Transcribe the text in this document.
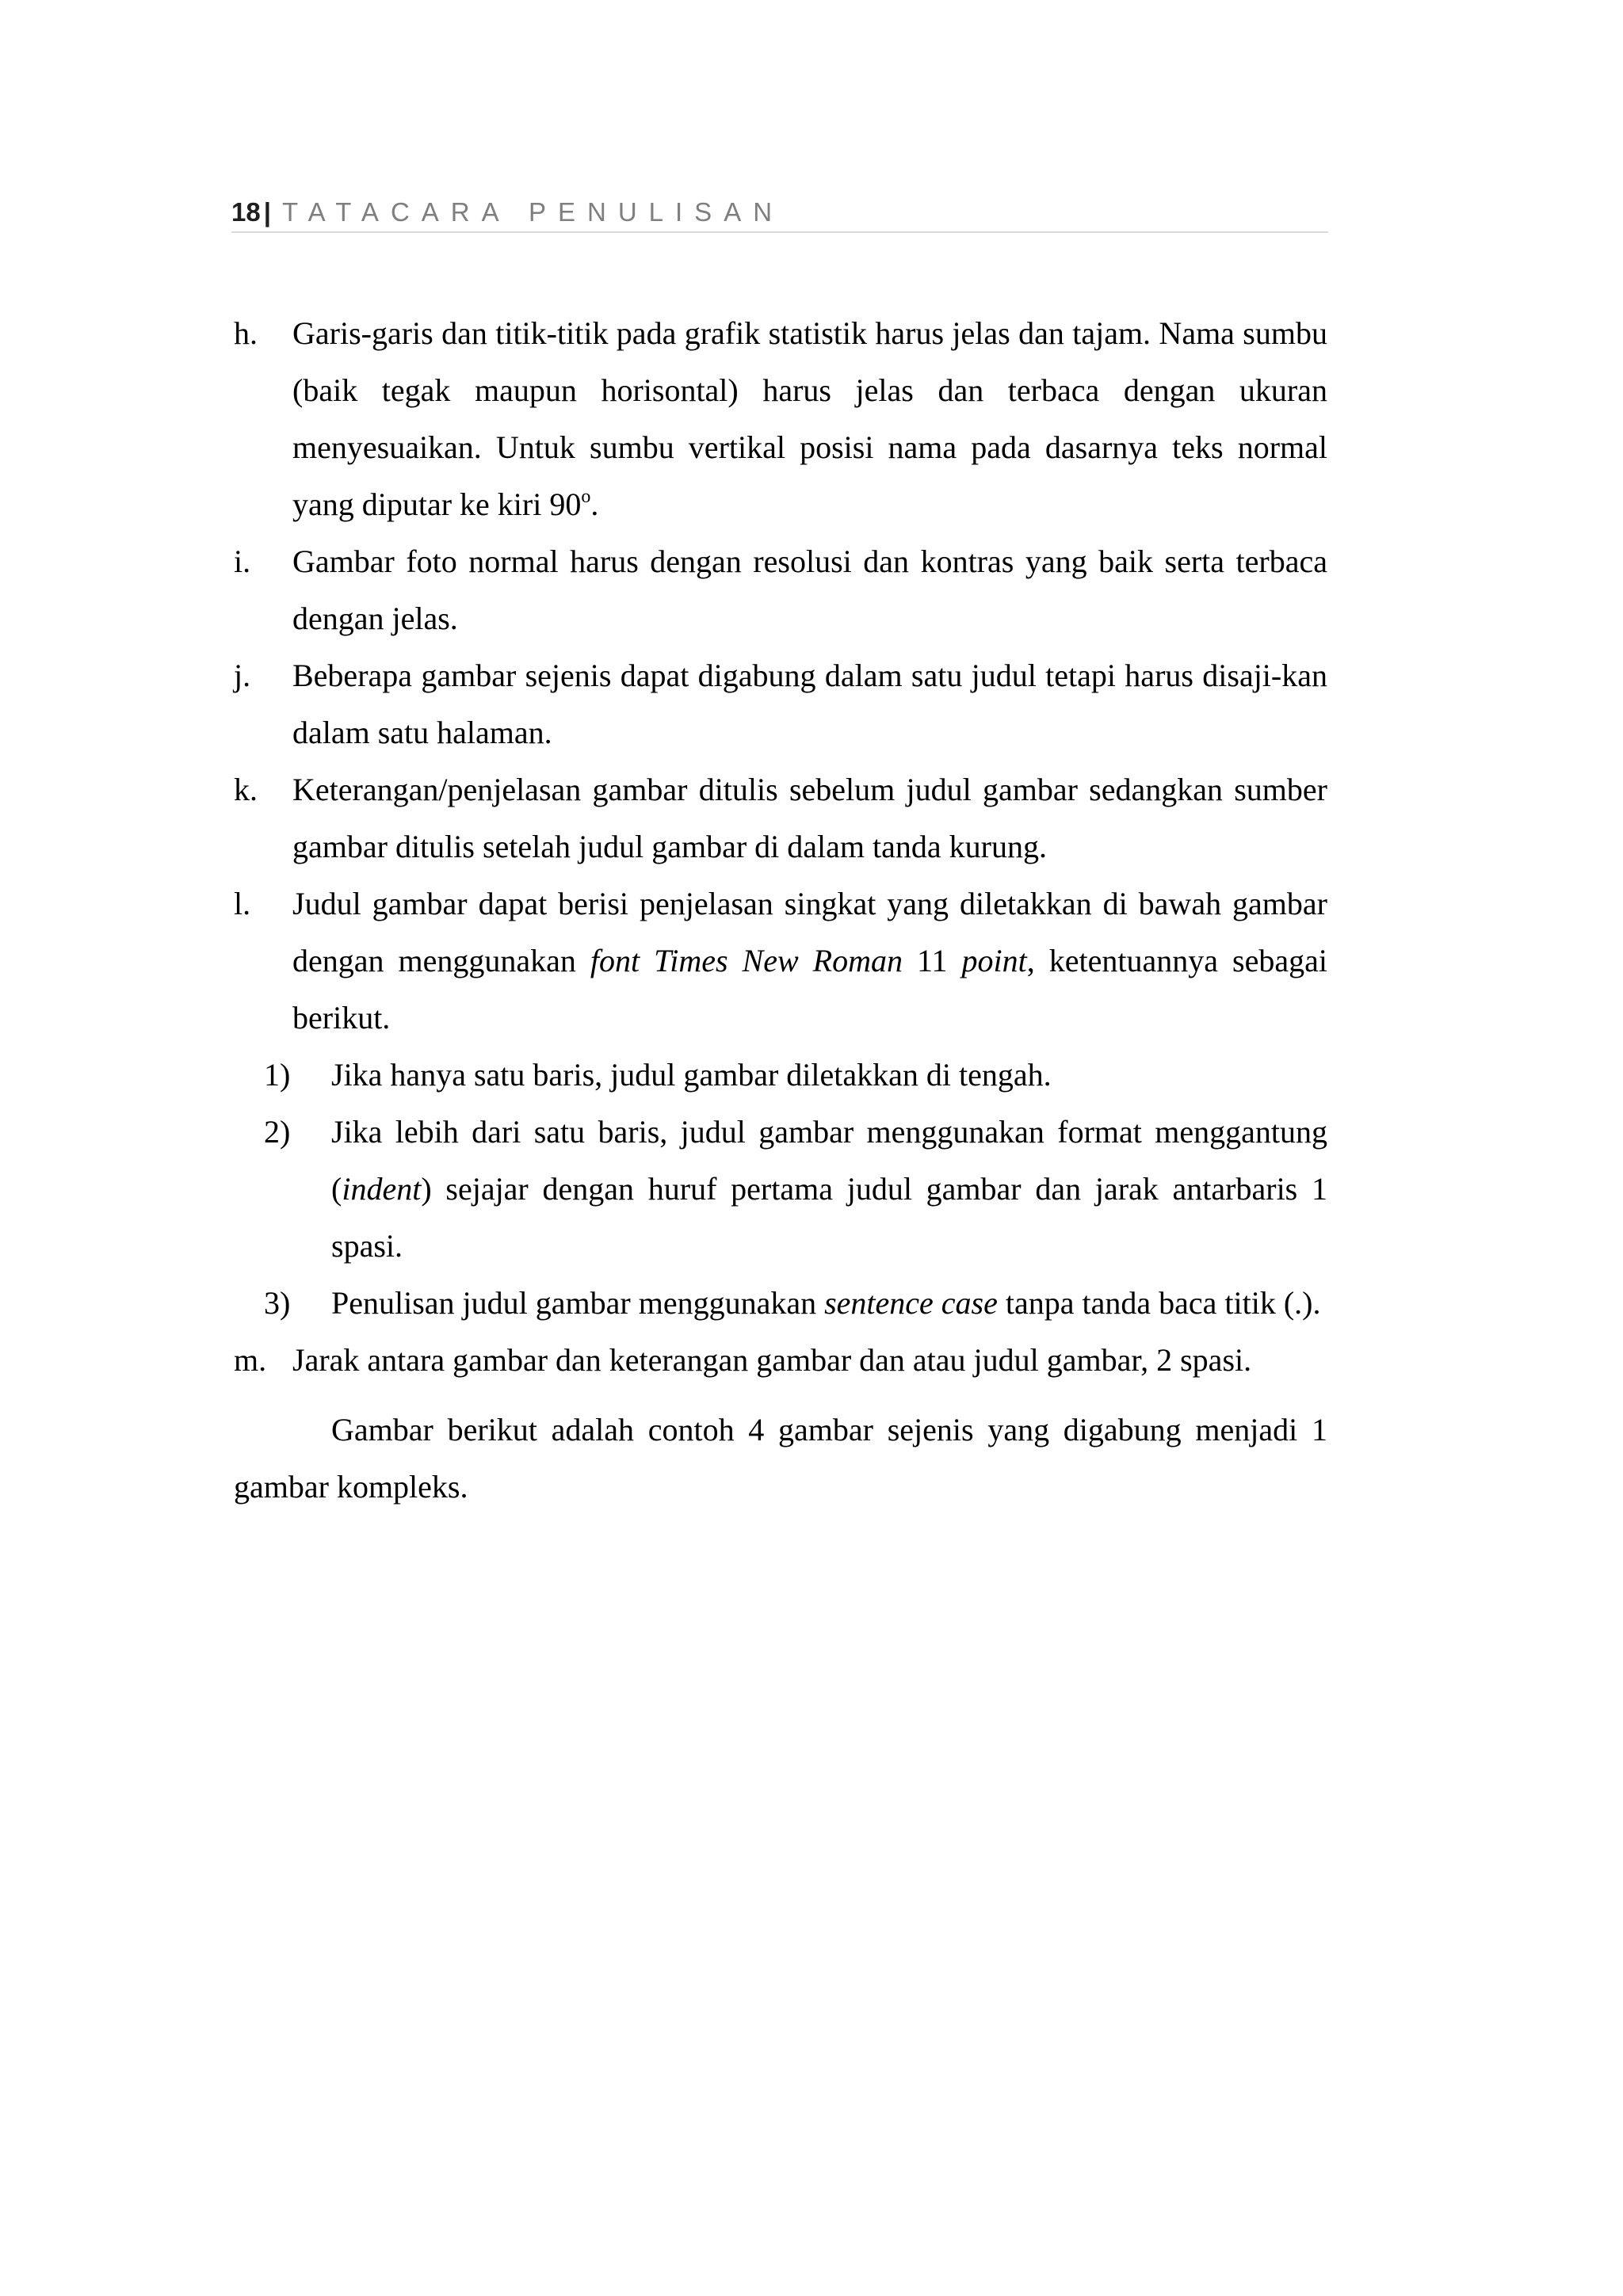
18 | TATACARA PENULISAN
h. Garis-garis dan titik-titik pada grafik statistik harus jelas dan tajam. Nama sumbu (baik tegak maupun horisontal) harus jelas dan terbaca dengan ukuran menyesuaikan. Untuk sumbu vertikal posisi nama pada dasarnya teks normal yang diputar ke kiri 90$^o$.
i. Gambar foto normal harus dengan resolusi dan kontras yang baik serta terbaca dengan jelas.
j. Beberapa gambar sejenis dapat digabung dalam satu judul tetapi harus disaji-kan dalam satu halaman.
k. Keterangan/penjelasan gambar ditulis sebelum judul gambar sedangkan sumber gambar ditulis setelah judul gambar di dalam tanda kurung.
l. Judul gambar dapat berisi penjelasan singkat yang diletakkan di bawah gambar dengan menggunakan font Times New Roman 11 point, ketentuannya sebagai berikut.
1) Jika hanya satu baris, judul gambar diletakkan di tengah.
2) Jika lebih dari satu baris, judul gambar menggunakan format menggantung (indent) sejajar dengan huruf pertama judul gambar dan jarak antarbaris 1 spasi.
3) Penulisan judul gambar menggunakan sentence case tanpa tanda baca titik (.).
m. Jarak antara gambar dan keterangan gambar dan atau judul gambar, 2 spasi.

Gambar berikut adalah contoh 4 gambar sejenis yang digabung menjadi 1 gambar kompleks.
